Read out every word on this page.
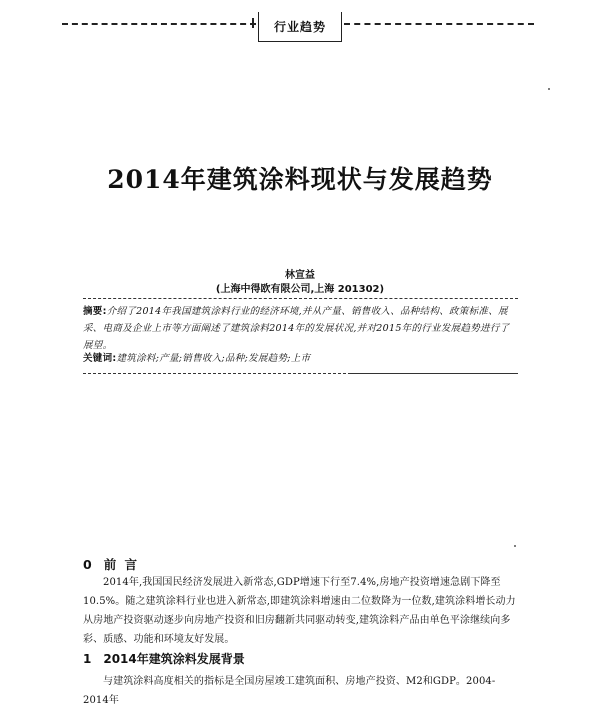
行业趋势
2014年建筑涂料现状与发展趋势
林宣益
(上海中得欧有限公司,上海 201302)
摘要:介绍了2014年我国建筑涂料行业的经济环境,并从产量、销售收入、品种结构、政策标准、展采、电商及企业上市等方面阐述了建筑涂料2014年的发展状况,并对2015年的行业发展趋势进行了展望。
关键词:建筑涂料;产量;销售收入;品种;发展趋势;上市
0 前 言

2014年,我国国民经济发展进入新常态,GDP增速下行至7.4%,房地产投资增速急剧下降至10.5%。随之建筑涂料行业也进入新常态,即建筑涂料增速由二位数降为一位数,建筑涂料增长动力从房地产投资驱动逐步向房地产投资和旧房翻新共同驱动转变,建筑涂料产品由单色平涂继续向多彩、质感、功能和环境友好发展。

1 2014年建筑涂料发展背景

与建筑涂料高度相关的指标是全国房屋竣工建筑面积、房地产投资、M2和GDP。2004-2014年
